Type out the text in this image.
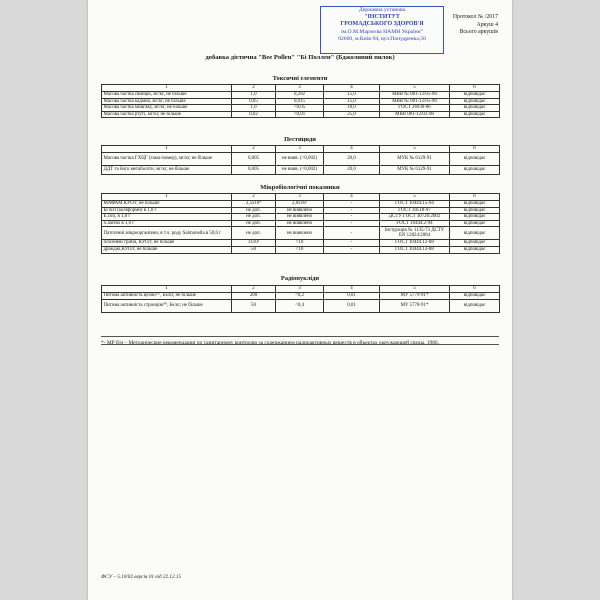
Державна установа
"ІНСТИТУТ
ГРОМАДСЬКОГО ЗДОРОВ'Я
ім.О.М.Марзєєва НАМН України"
02660, м.Київ-94, вул.Попудренка,50
Протокол № /2017
Аркуш 4
Всього аркушів
добавка дієтична "Bee Pollen" "Бі Поллен" (Бджолиний пилок)
Токсичні елементи
1	2	3	4	5	6
Масова частка свинцю, мг/кг, не більше	1,0	0,292	15,0	МВВ № 081-12/05-98	відповідає
Масова частка кадмію, мг/кг, не більше	0,05	0,015	15,0	МВВ № 081-12/05-98	відповідає
Масова частка миш'яку, мг/кг, не більше	1,0	<0,05	18,0	ГОСТ 26930-86	відповідає
Масова частка ртуті, мг/кг, не більше	0,02	<0,01	25,0	МВВ 081-12/03-98	відповідає
Пестициди
1	2	3	4	5	6
Масова частка ГХЦГ (гама-ізомер), мг/кг, не більше	0,005	не вияв. (<0,002)	20,0	МУК № 6129-91	відповідає
ДДТ та його метаболіти, мг/кг, не більше	0,005	не вияв. (<0,002)	20,0	МУК № 6129-91	відповідає
Мікробіологічні показники
1	2	3	4	5	6
МАФАМ КУО/г, не більше	2,5х10⁴	2,0х10²	-	ГОСТ 10444.15-94	відповідає
БГКП (коліформи) в 1,0 г	не доп.	не виявлено	-	ГОСТ 30518-97	відповідає
E.coli, в 1,0 г	не доп.	не виявлено	-	ДСТУ ГОСТ 30726:2002	відповідає
S.aureus в 1,0 г	не доп.	не виявлено	-	ГОСТ 10444.2-94	відповідає
Патогенні мікроорганізми, в т.ч. роду Salmonella в 50,0 г	не доп.	не виявлено	-	Інструкція № 1135-73 ДСТУ EN 12824:2004	відповідає
плісеневі гриби, КУО/г, не більше	1х10²	<10	-	ГОСТ 10444.12-88	відповідає
дріжджі,КУО/г, не більше	50	<10	-	ГОСТ 10444.12-88	відповідає
Радіонукліди
1	2	3	4	5	6
Питома активність цезію¹³⁷, Бк/кг, не більше	200	<0,2	0,01	МУ 5779-91*	відповідає
Питома активність стронцію⁹⁰, Бк/кг, не більше	50	<0,4	0,01	МУ 5778-91*	відповідає
*- МР б/н – Методические рекомендации по санитарному контролю за содержанием радиоактивных веществ в объектах окружающей среды, 1986.
ФСУ – 5.10/02 версія 01 від 22.12.15
